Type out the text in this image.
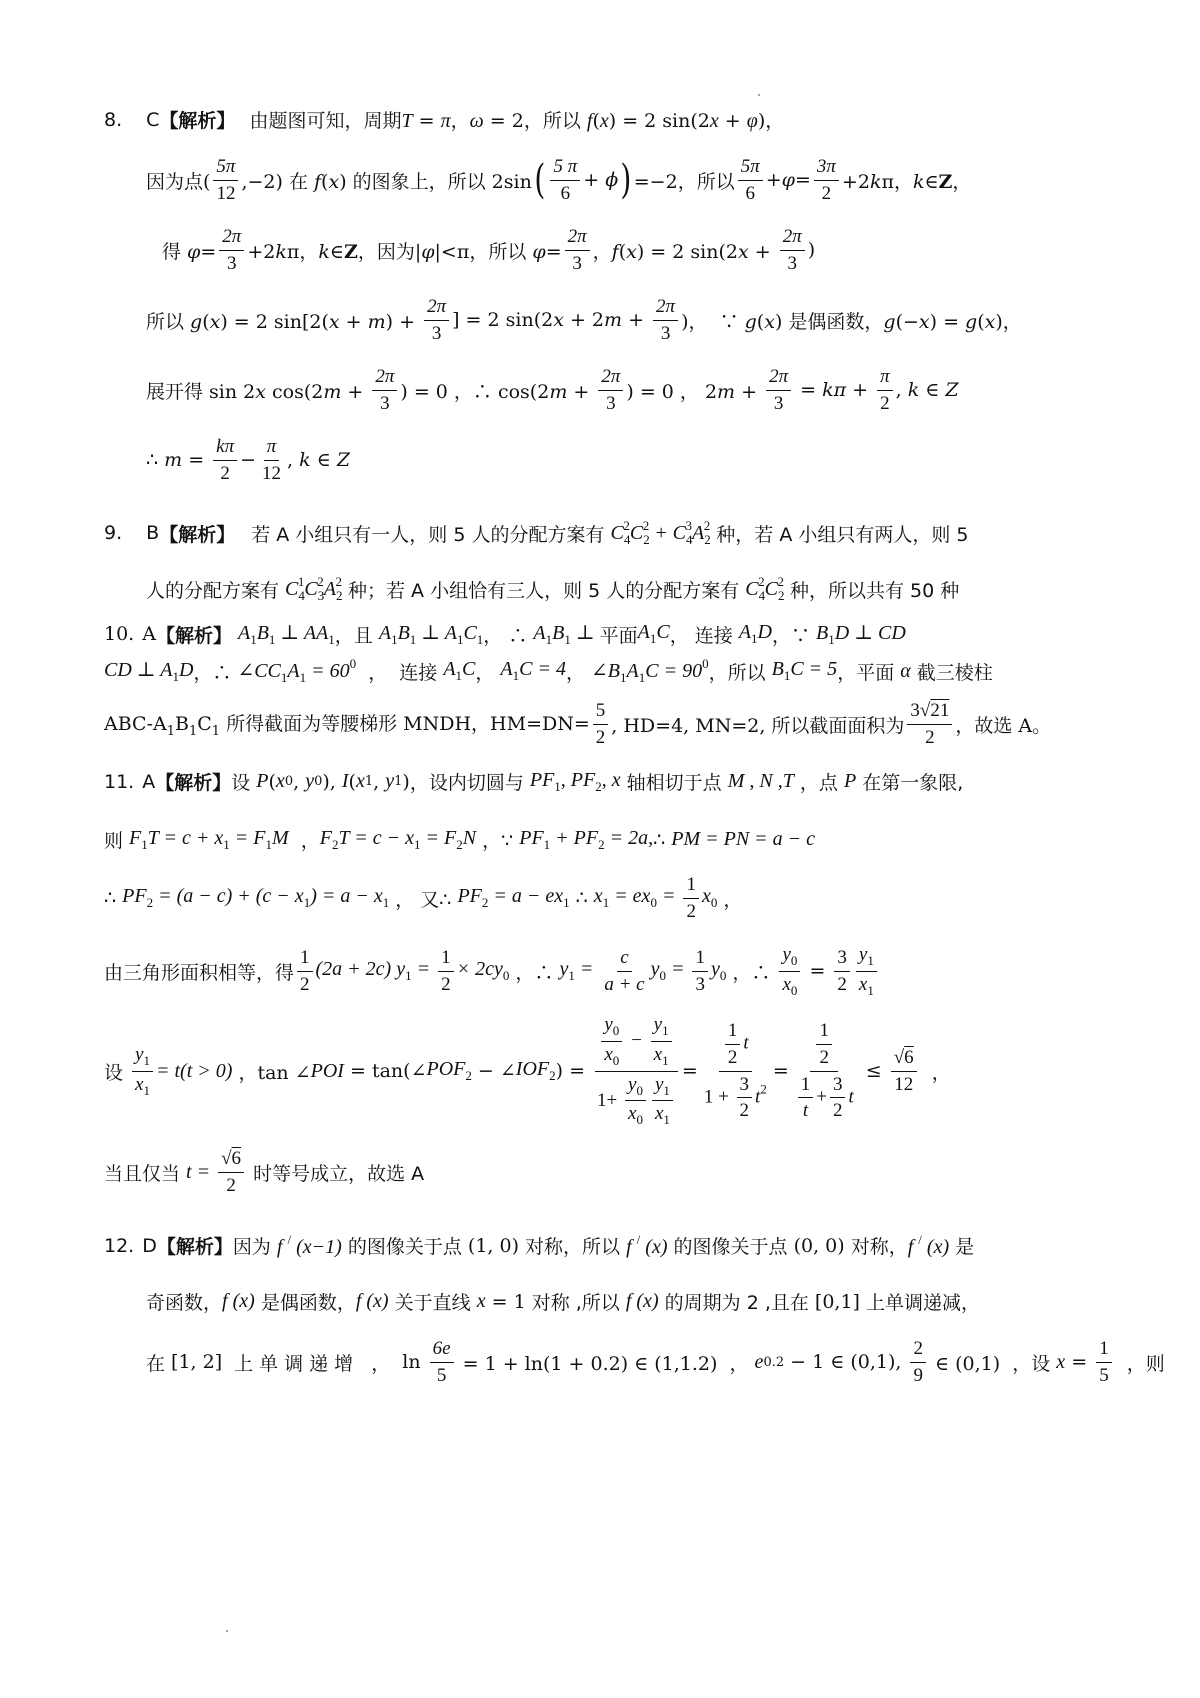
8. C 【解析】 由题图可知，周期T = π，ω = 2，所以 f(x) = 2 sin(2x + φ)，
因为点( $\frac{5\pi}{12} ,-2$) 在 f(x) 的图象上，所以 2sin ( $\frac{5 \pi}{6} + \phi$ ) =−2，所以 $\frac{5\pi}{6} +\varphi= \frac{3\pi}{2} +2k\pi$，k∈Z，
得 $\varphi= \frac{2\pi}{3} +2k\pi$，k∈Z，因为|φ|<π，所以 $\varphi= \frac{2\pi}{3}$ ，f(x) = 2 $\sin(2x + \frac{2\pi}{3}$ )
所以 g(x) = 2 $\sin[2(x + m) + \frac{2\pi}{3}$ ] = 2 $\sin(2x + 2m + \frac{2\pi}{3}$ )，  ∵ g(x) 是偶函数，g(−x) = g(x)，
展开得 sin 2x $\cos(2m + \frac{2\pi}{3}$ ) = 0 ，∴ $\cos(2m + \frac{2\pi}{3}$ ) = 0 ， $2m + \frac{2\pi}{3} = k\pi + \frac{\pi}{2}$ , k ∈ Z
∴ $m = \frac{k\pi}{2} - \frac{\pi}{12}$ , k ∈ Z
9. B 【解析】 若 A 小组只有一人，则 5 人的分配方案有 $C_4^2C_2^2 + C_4^3A_2^2$ 种，若 A 小组只有两人，则 5
人的分配方案有 $C_4^1C_3^2A_2^2$ 种；若 A 小组恰有三人，则 5 人的分配方案有 $C_4^2C_2^2$ 种，所以共有 50 种
10. A 【解析】 $A_1B_1$ ⊥ $AA_1$ ，且 $A_1B_1$ ⊥ $A_1C_1$ ， ∴ $A_1B_1$ ⊥ 平面 $A_1C$ ， 连接 $A_1D$ ，∵ $B_1D$ ⊥ CD
CD ⊥ $A_1D$ ，∴ $\angle CC_1A_1 = 60^0$ ，  连接 $A_1C$ ， $A_1C = 4$ ， $\angle B_1A_1C = 90^0$ ，所以 $B_1C = 5$ ，平面 α 截三棱柱
ABC-$A_1B_1C_1$ 所得截面为等腰梯形 MNDH，$HM=DN= \frac{5}{2}$ , HD=4, MN=2, 所以截面面积为 $\frac{3√21}{2}$ ，故选 A。
11. A 【解析】 设 P ( x 0 , y 0 ), I ( x 1 , y 1 ) ，设内切圆与 $PF_1$, $PF_2$, x 轴相切于点 M , N ,T ，点 P 在第一象限,
则 $F_1T = c + x_1 = F_1M$ ， $F_2T = c - x_1 = F_2N$ ，∵ $PF_1 + PF_2 = 2a$, ∴ PM = PN = a − c
∴ $PF_2 = (a - c) + (c - x_1) = a - x_1$ ， 又∴ $PF_2 = a - ex_1$ ∴ $x_1 = ex_0 = \frac{1}{2} x_0$ ，
由三角形面积相等，得 $\frac{1}{2} (2a + 2c) y_1 = \frac{1}{2} \times 2cy_0$ ，∴ $y_1 = \frac{c}{a + c} y_0 = \frac{1}{3} y_0$ ，∴ $\frac{y_0}{x_0} = \frac{3}{2} \frac{y_1}{x_1}$
设 $\frac{y_1}{x_1} = t(t > 0)$ ，tan ∠ POI = tan(∠ $POF_2$ − ∠ $IOF_2$ ) = $\frac{\frac{y_0}{x_0} - \frac{y_1}{x_1}}{1+ \frac{y_0}{x_0} \frac{y_1}{x_1}} = \frac{\frac{1}{2} t}{1 + \frac{3}{2} t^2} = \frac{\frac{1}{2}}{\frac{1}{t} + \frac{3}{2} t} \le \frac{√6}{12}$ ，
当且仅当 $t = \frac{√6}{2}$ 时等号成立，故选 A
12. D 【解析】 因为 f / (x−1) 的图像关于点 (1, 0) 对称，所以 f / (x) 的图像关于点 (0, 0) 对称， f / (x) 是
奇函数， f (x) 是偶函数， f (x) 关于直线 x = 1 对称 ,所以 f (x) 的周期为 2 ,且在 [0,1] 上单调递减，
在 [1, 2] 上单调递增 ， $\ln \frac{6e}{5} = 1 + \ln(1 + 0.2)$ ∈ (1,1.2)  ， e 0.2 − 1 ∈ (0,1), $\frac{2}{9}$ ∈ (0,1)  ， 设 $x = \frac{1}{5}$ ，则
